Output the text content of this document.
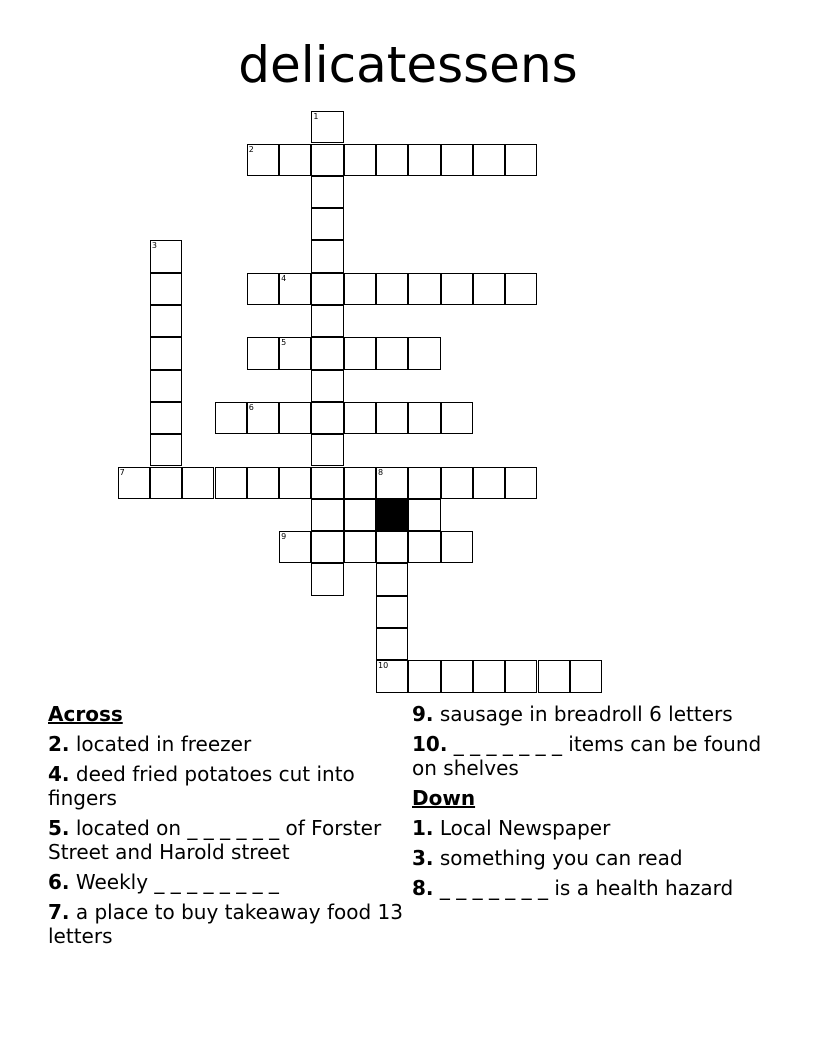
delicatessens
2
1
4
5
6
3
7	8
9
10
Across
2. located in freezer
4. deed fried potatoes cut into fingers
5. located on _ _ _ _ _ _ of Forster Street and Harold street
6. Weekly _ _ _ _ _ _ _ _
7. a place to buy takeaway food 13 letters
9. sausage in breadroll 6 letters
10. _ _ _ _ _ _ _ items can be found on shelves
Down
1. Local Newspaper
3. something you can read
8. _ _ _ _ _ _ _ is a health hazard
